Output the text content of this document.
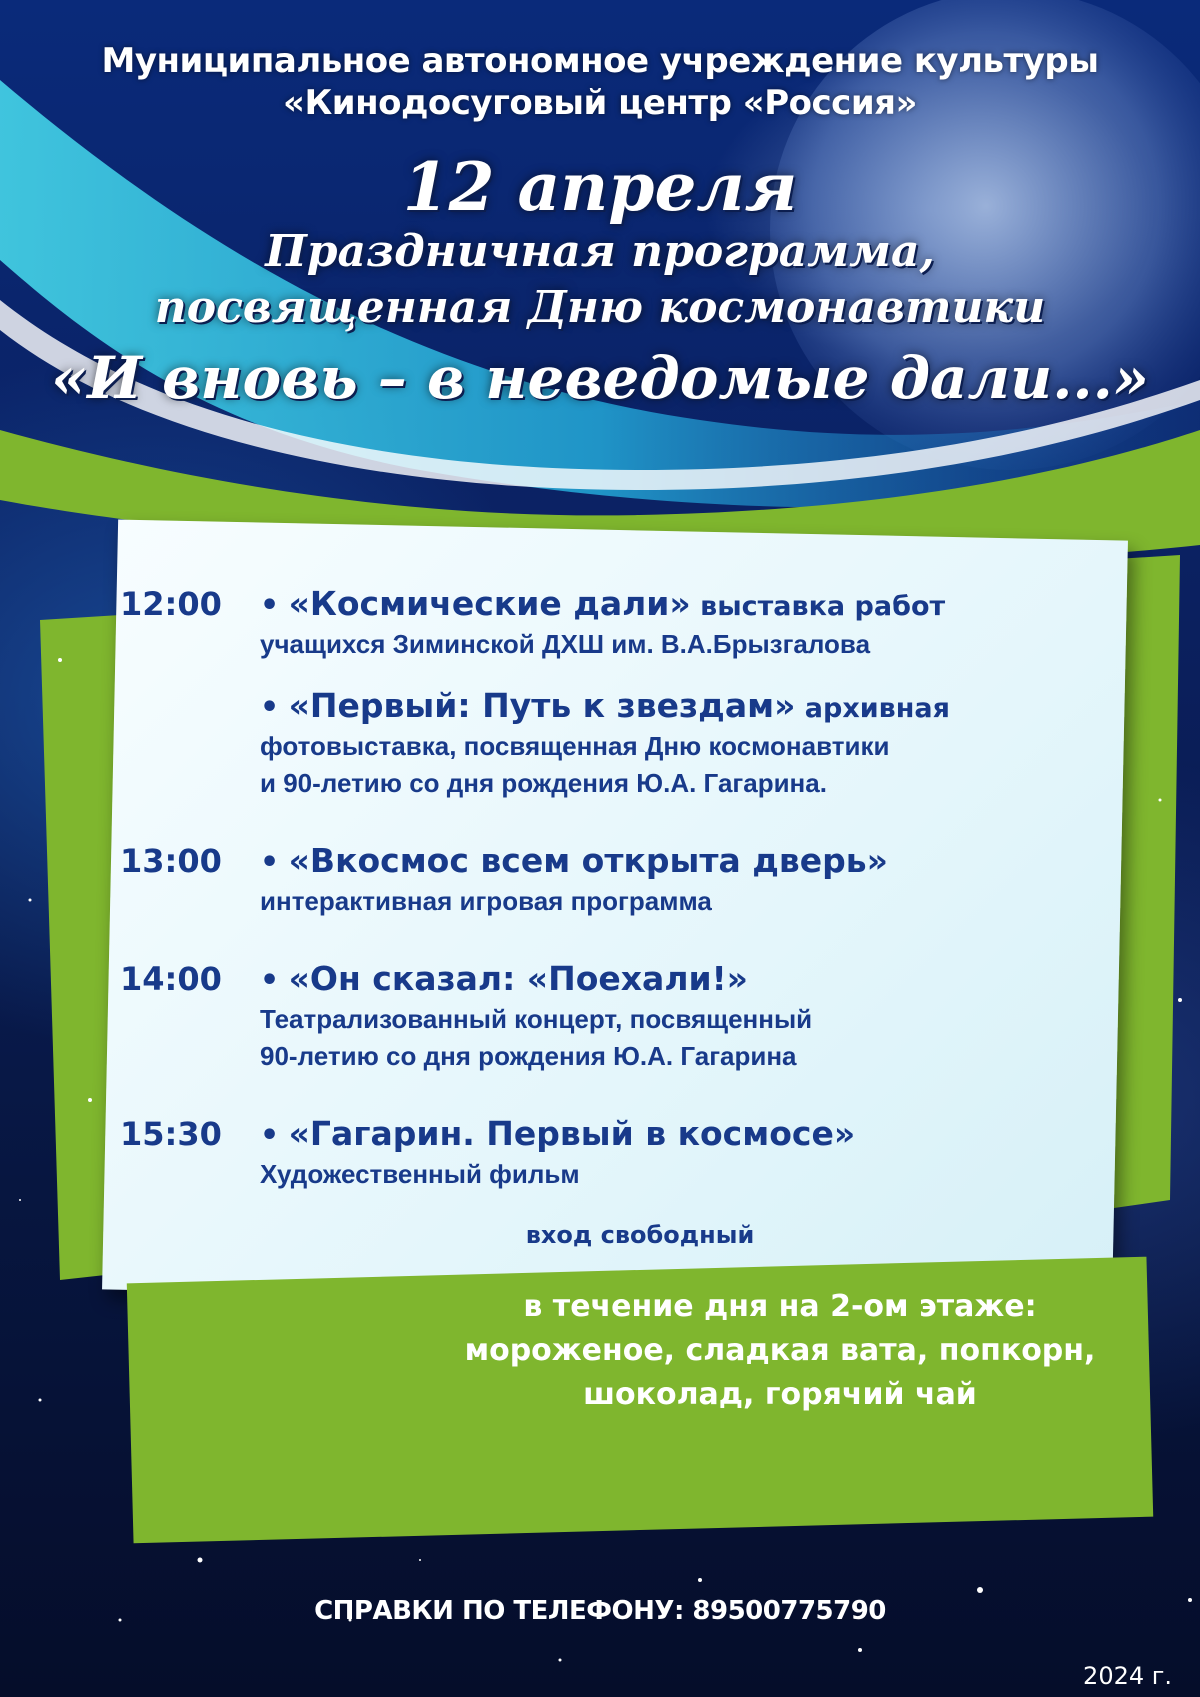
Муниципальное автономное учреждение культуры
«Кинодосуговый центр «Россия»
12 апреля
Праздничная программа,
посвященная Дню космонавтики
«И вновь – в неведомые дали...»
12:00 • «Космические дали» выставка работ
учащихся Зиминской ДХШ им. В.А.Брызгалова
• «Первый: Путь к звездам» архивная
фотовыставка, посвященная Дню космонавтики
и 90-летию со дня рождения Ю.А. Гагарина.
13:00 • «Вкосмос всем открыта дверь»
интерактивная игровая программа
14:00 • «Он сказал: «Поехали!»
Театрализованный концерт, посвященный
90-летию со дня рождения Ю.А. Гагарина
15:30 • «Гагарин. Первый в космосе»
Художественный фильм
вход свободный
в течение дня на 2-ом этаже:
мороженое, сладкая вата, попкорн,
шоколад, горячий чай
СПРАВКИ ПО ТЕЛЕФОНУ: 89500775790
2024 г.
